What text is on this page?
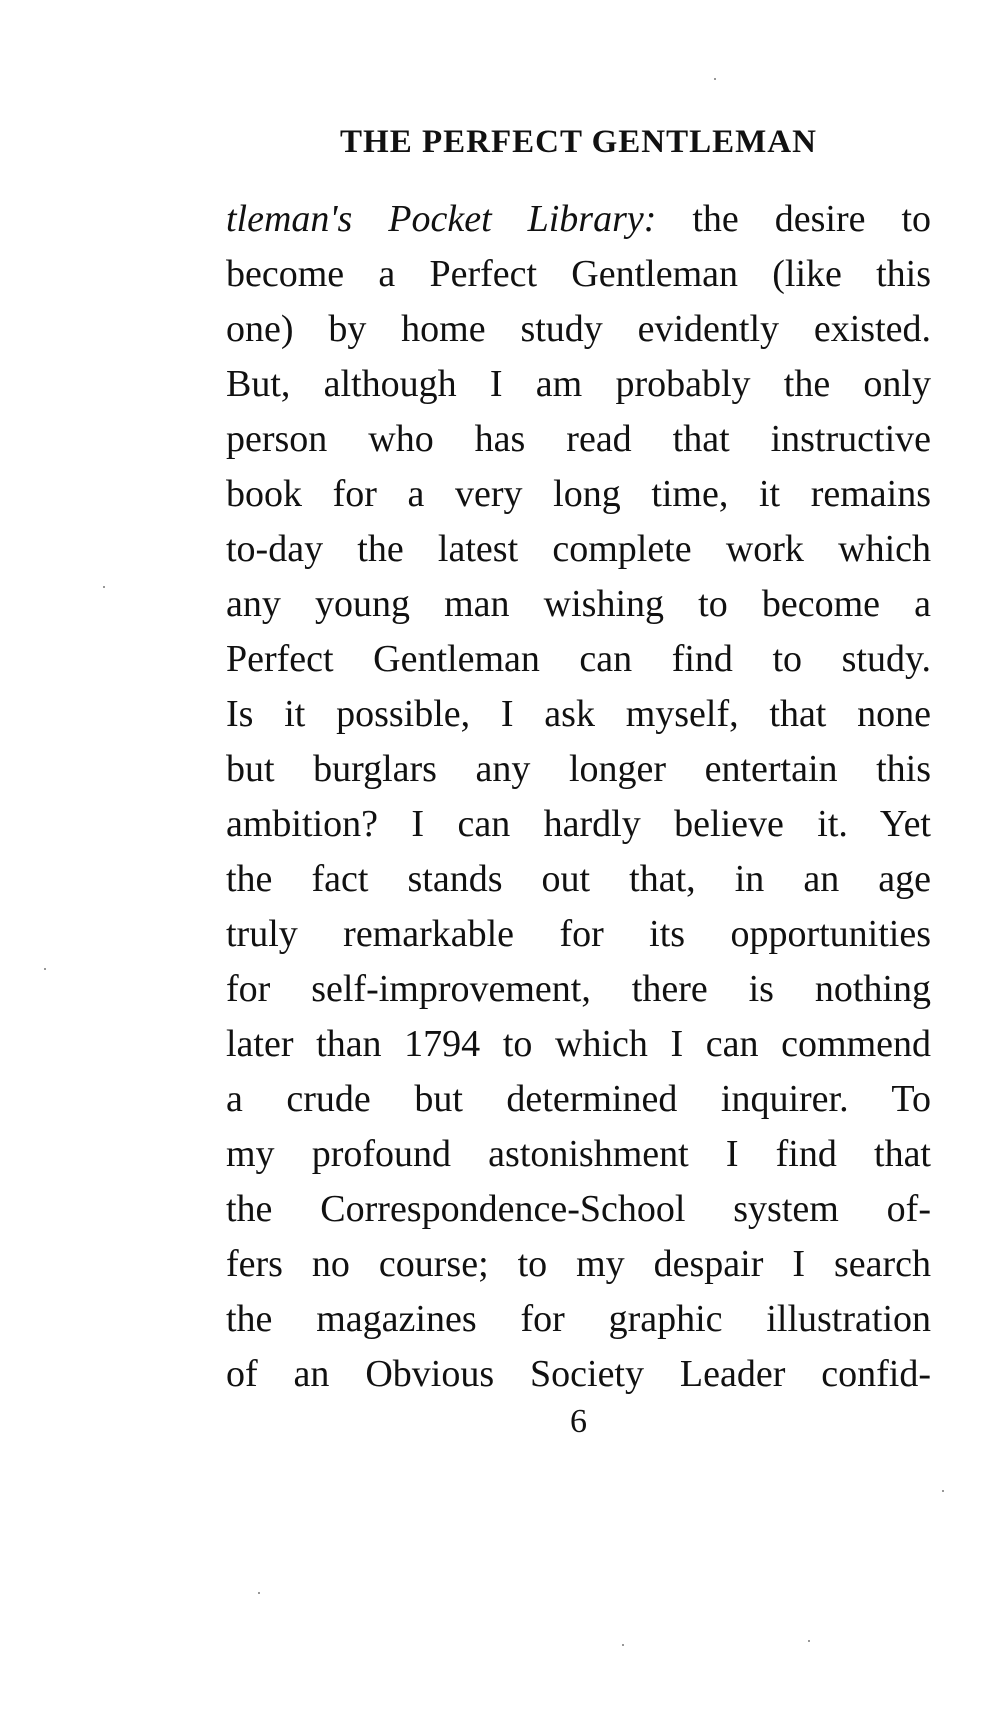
THE PERFECT GENTLEMAN
tleman's Pocket Library: the desire to
become a Perfect Gentleman (like this
one) by home study evidently existed.
But, although I am probably the only
person who has read that instructive
book for a very long time, it remains
to-day the latest complete work which
any young man wishing to become a
Perfect Gentleman can find to study.
Is it possible, I ask myself, that none
but burglars any longer entertain this
ambition? I can hardly believe it. Yet
the fact stands out that, in an age
truly remarkable for its opportunities
for self-improvement, there is nothing
later than 1794 to which I can commend
a crude but determined inquirer. To
my profound astonishment I find that
the Correspondence-School system of-
fers no course; to my despair I search
the magazines for graphic illustration
of an Obvious Society Leader confid-
6
